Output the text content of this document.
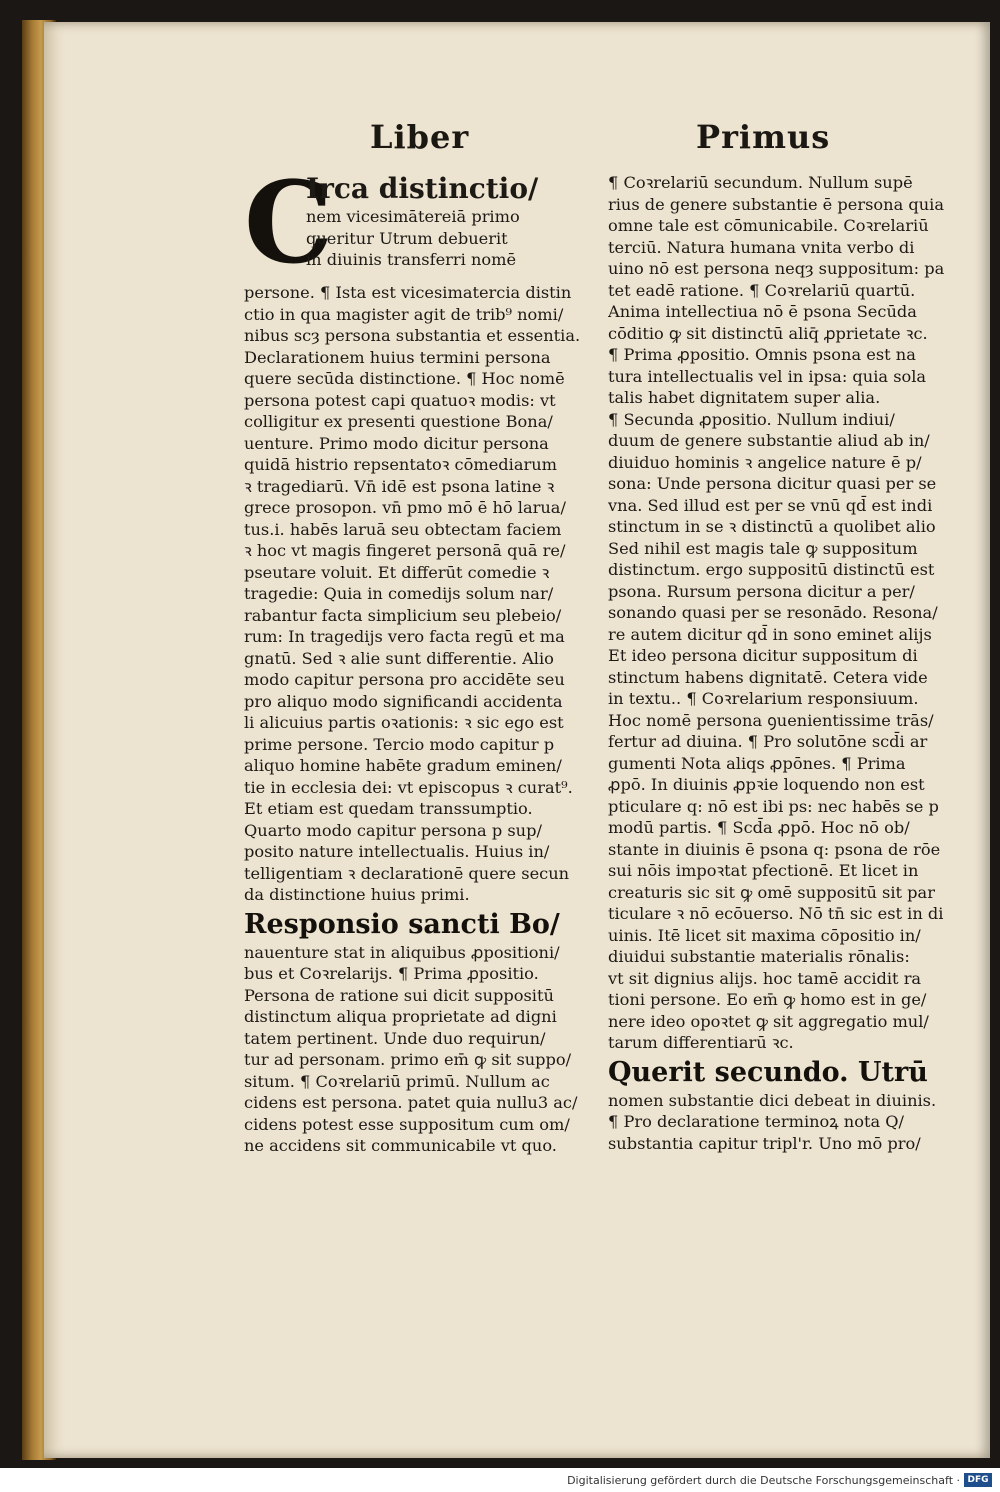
Liber	Primus
C
Irca distinctio/
nem vicesimātereiā primo
queritur Utrum debuerit
in diuinis transferri nomē
persone. ¶ Ista est vicesimatercia distin
ctio in qua magister agit de trib⁹ nomi/
nibus scȝ persona substantia et essentia.
Declarationem huius termini persona
quere secūda distinctione. ¶ Hoc nomē
persona potest capi quatuoꝛ modis: vt
colligitur ex presenti questione Bona/
uenture. Primo modo dicitur persona
quidā histrio repsentatoꝛ cōmediarum
ꝛ tragediarū. Vn̄ idē est psona latine ꝛ
grece prosopon. vn̄ pmo mō ē hō larua/
tus.i. habēs laruā seu obtectam faciem
ꝛ hoc vt magis fingeret personā quā re/
pseutare voluit. Et differūt comedie ꝛ
tragedie: Quia in comedijs solum nar/
rabantur facta simplicium seu plebeio/
rum: In tragedijs vero facta regū et ma
gnatū. Sed ꝛ alie sunt differentie. Alio
modo capitur persona pro accidēte seu
pro aliquo modo significandi accidenta
li alicuius partis oꝛationis: ꝛ sic ego est
prime persone. Tercio modo capitur p
aliquo homine habēte gradum eminen/
tie in ecclesia dei: vt episcopus ꝛ curat⁹.
Et etiam est quedam transsumptio.
Quarto modo capitur persona p sup/
posito nature intellectualis. Huius in/
telligentiam ꝛ declarationē quere secun
da distinctione huius primi.
Responsio sancti Bo/
nauenture stat in aliquibus ꝓpositioni/
bus et Coꝛrelarijs. ¶ Prima ꝓpositio.
Persona de ratione sui dicit suppositū
distinctum aliqua proprietate ad digni
tatem pertinent. Unde duo requirun/
tur ad personam. primo em̄ ꝙ sit suppo/
situm. ¶ Coꝛrelariū primū. Nullum ac
cidens est persona. patet quia nullu3 ac/
cidens potest esse suppositum cum om/
ne accidens sit communicabile vt quo.
¶ Coꝛrelariū secundum. Nullum supē
rius de genere substantie ē persona quia
omne tale est cōmunicabile. Coꝛrelariū
terciū. Natura humana vnita verbo di
uino nō est persona neqȝ suppositum: pa
tet eadē ratione. ¶ Coꝛrelariū quartū.
Anima intellectiua nō ē psona Secūda
cōditio ꝙ sit distinctū aliq̄ ꝓprietate ꝛc.
¶ Prima ꝓpositio. Omnis psona est na
tura intellectualis vel in ipsa: quia sola
talis habet dignitatem super alia.
¶ Secunda ꝓpositio. Nullum indiui/
duum de genere substantie aliud ab in/
diuiduo hominis ꝛ angelice nature ē p/
sona: Unde persona dicitur quasi per se
vna. Sed illud est per se vnū qd̄ est indi
stinctum in se ꝛ distinctū a quolibet alio
Sed nihil est magis tale ꝙ suppositum
distinctum. ergo suppositū distinctū est
psona. Rursum persona dicitur a per/
sonando quasi per se resonādo. Resona/
re autem dicitur qd̄ in sono eminet alijs
Et ideo persona dicitur suppositum di
stinctum habens dignitatē. Cetera vide
in textu.. ¶ Coꝛrelarium responsiuum.
Hoc nomē persona ꝯuenientissime trās/
fertur ad diuina. ¶ Pro solutōne scd̄i ar
gumenti Nota aliqs ꝓpōnes. ¶ Prima
ꝓpō. In diuinis ꝓpꝛie loquendo non est
pticulare q: nō est ibi ps: nec habēs se p
modū partis. ¶ Scd̄a ꝓpō. Hoc nō ob/
stante in diuinis ē psona q: psona de rōe
sui nōis impoꝛtat pfectionē. Et licet in
creaturis sic sit ꝙ omē suppositū sit par
ticulare ꝛ nō ecōuerso. Nō tn̄ sic est in di
uinis. Itē licet sit maxima cōpositio in/
diuidui substantie materialis rōnalis:
vt sit dignius alijs. hoc tamē accidit ra
tioni persone. Eo em̄ ꝙ homo est in ge/
nere ideo opoꝛtet ꝙ sit aggregatio mul/
tarum differentiarū ꝛc.
Querit secundo. Utrū
nomen substantie dici debeat in diuinis.
¶ Pro declaratione terminoꝝ nota Q/
substantia capitur tripl'r. Uno mō pro/
Digitalisierung gefördert durch die Deutsche Forschungsgemeinschaft · DFG
